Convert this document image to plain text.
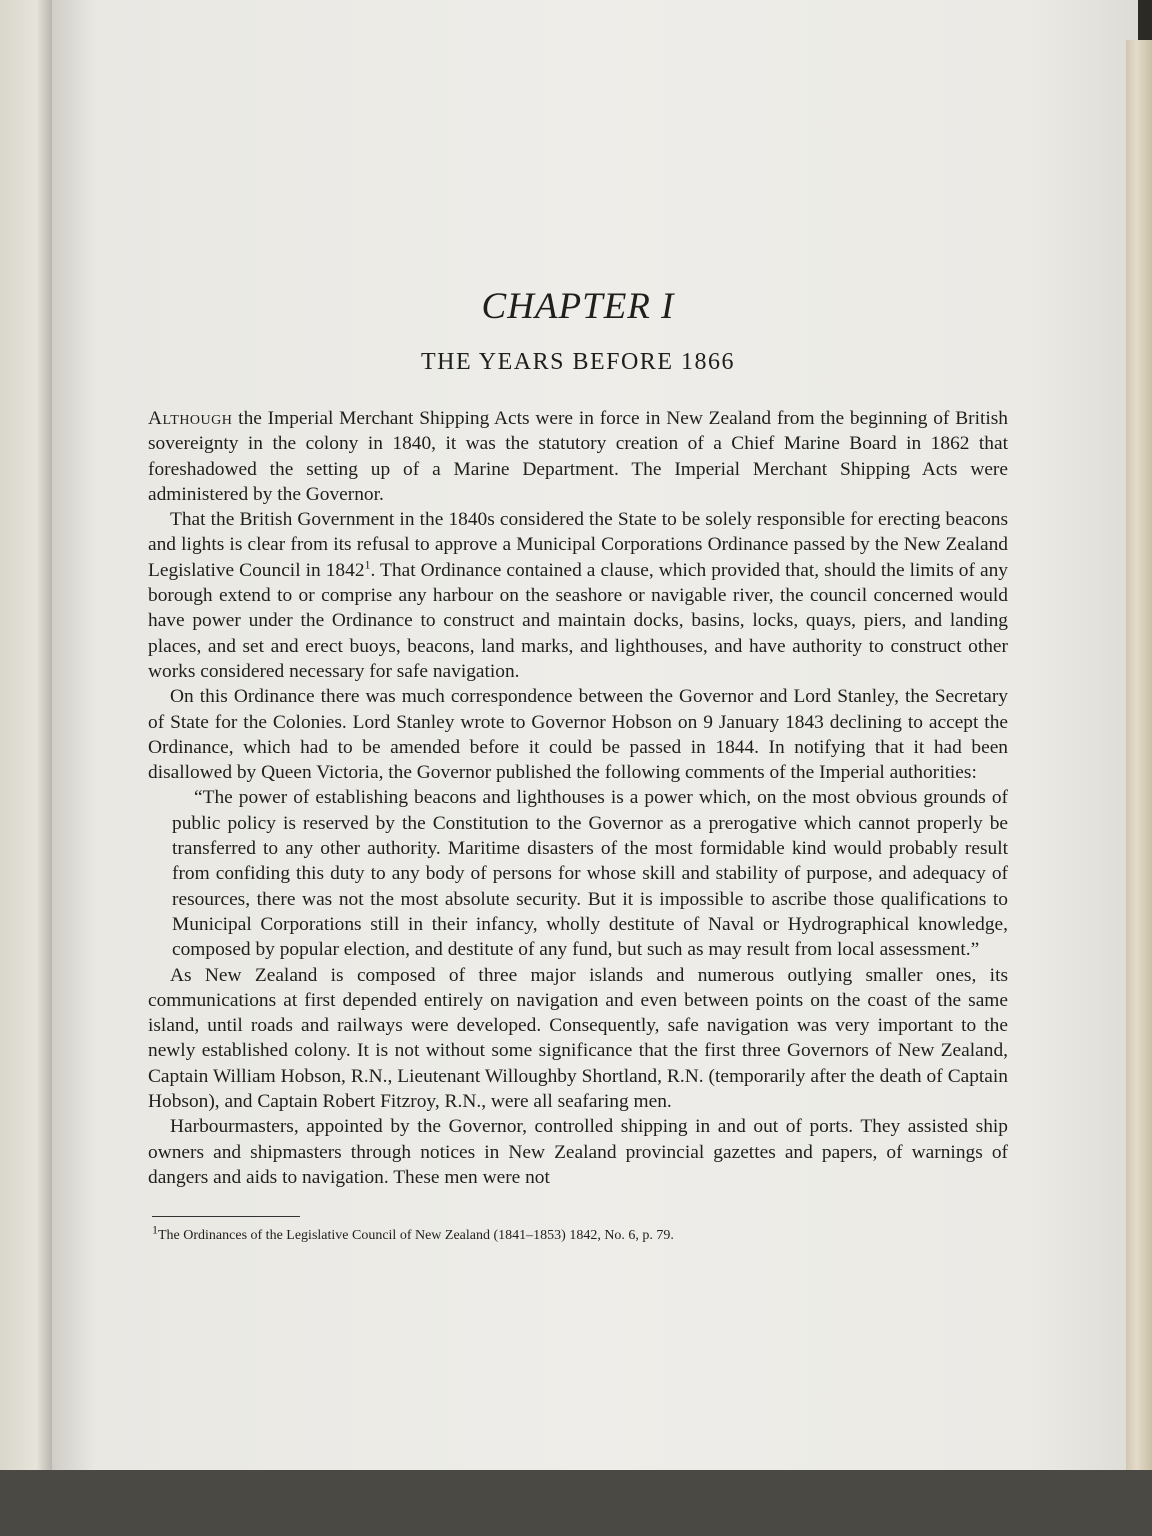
CHAPTER I
THE YEARS BEFORE 1866

Although the Imperial Merchant Shipping Acts were in force in New Zealand from the beginning of British sovereignty in the colony in 1840, it was the statutory creation of a Chief Marine Board in 1862 that foreshadowed the setting up of a Marine Department. The Imperial Merchant Shipping Acts were administered by the Governor.

That the British Government in the 1840s considered the State to be solely responsible for erecting beacons and lights is clear from its refusal to approve a Municipal Corporations Ordinance passed by the New Zealand Legislative Council in 1842$^1$. That Ordinance contained a clause, which provided that, should the limits of any borough extend to or comprise any harbour on the seashore or navigable river, the council concerned would have power under the Ordinance to construct and maintain docks, basins, locks, quays, piers, and landing places, and set and erect buoys, beacons, land marks, and lighthouses, and have authority to construct other works considered necessary for safe navigation.

On this Ordinance there was much correspondence between the Governor and Lord Stanley, the Secretary of State for the Colonies. Lord Stanley wrote to Governor Hobson on 9 January 1843 declining to accept the Ordinance, which had to be amended before it could be passed in 1844. In notifying that it had been disallowed by Queen Victoria, the Governor published the following comments of the Imperial authorities:

“The power of establishing beacons and lighthouses is a power which, on the most obvious grounds of public policy is reserved by the Constitution to the Governor as a prerogative which cannot properly be transferred to any other authority. Maritime disasters of the most formidable kind would probably result from confiding this duty to any body of persons for whose skill and stability of purpose, and adequacy of resources, there was not the most absolute security. But it is impossible to ascribe those qualifications to Municipal Corporations still in their infancy, wholly destitute of Naval or Hydrographical knowledge, composed by popular election, and destitute of any fund, but such as may result from local assessment.”

As New Zealand is composed of three major islands and numerous outlying smaller ones, its communications at first depended entirely on navigation and even between points on the coast of the same island, until roads and railways were developed. Consequently, safe navigation was very important to the newly established colony. It is not without some significance that the first three Governors of New Zealand, Captain William Hobson, R.N., Lieutenant Willoughby Shortland, R.N. (temporarily after the death of Captain Hobson), and Captain Robert Fitzroy, R.N., were all seafaring men.

Harbourmasters, appointed by the Governor, controlled shipping in and out of ports. They assisted ship owners and shipmasters through notices in New Zealand provincial gazettes and papers, of warnings of dangers and aids to navigation. These men were not

$^1$The Ordinances of the Legislative Council of New Zealand (1841–1853) 1842, No. 6, p. 79.
